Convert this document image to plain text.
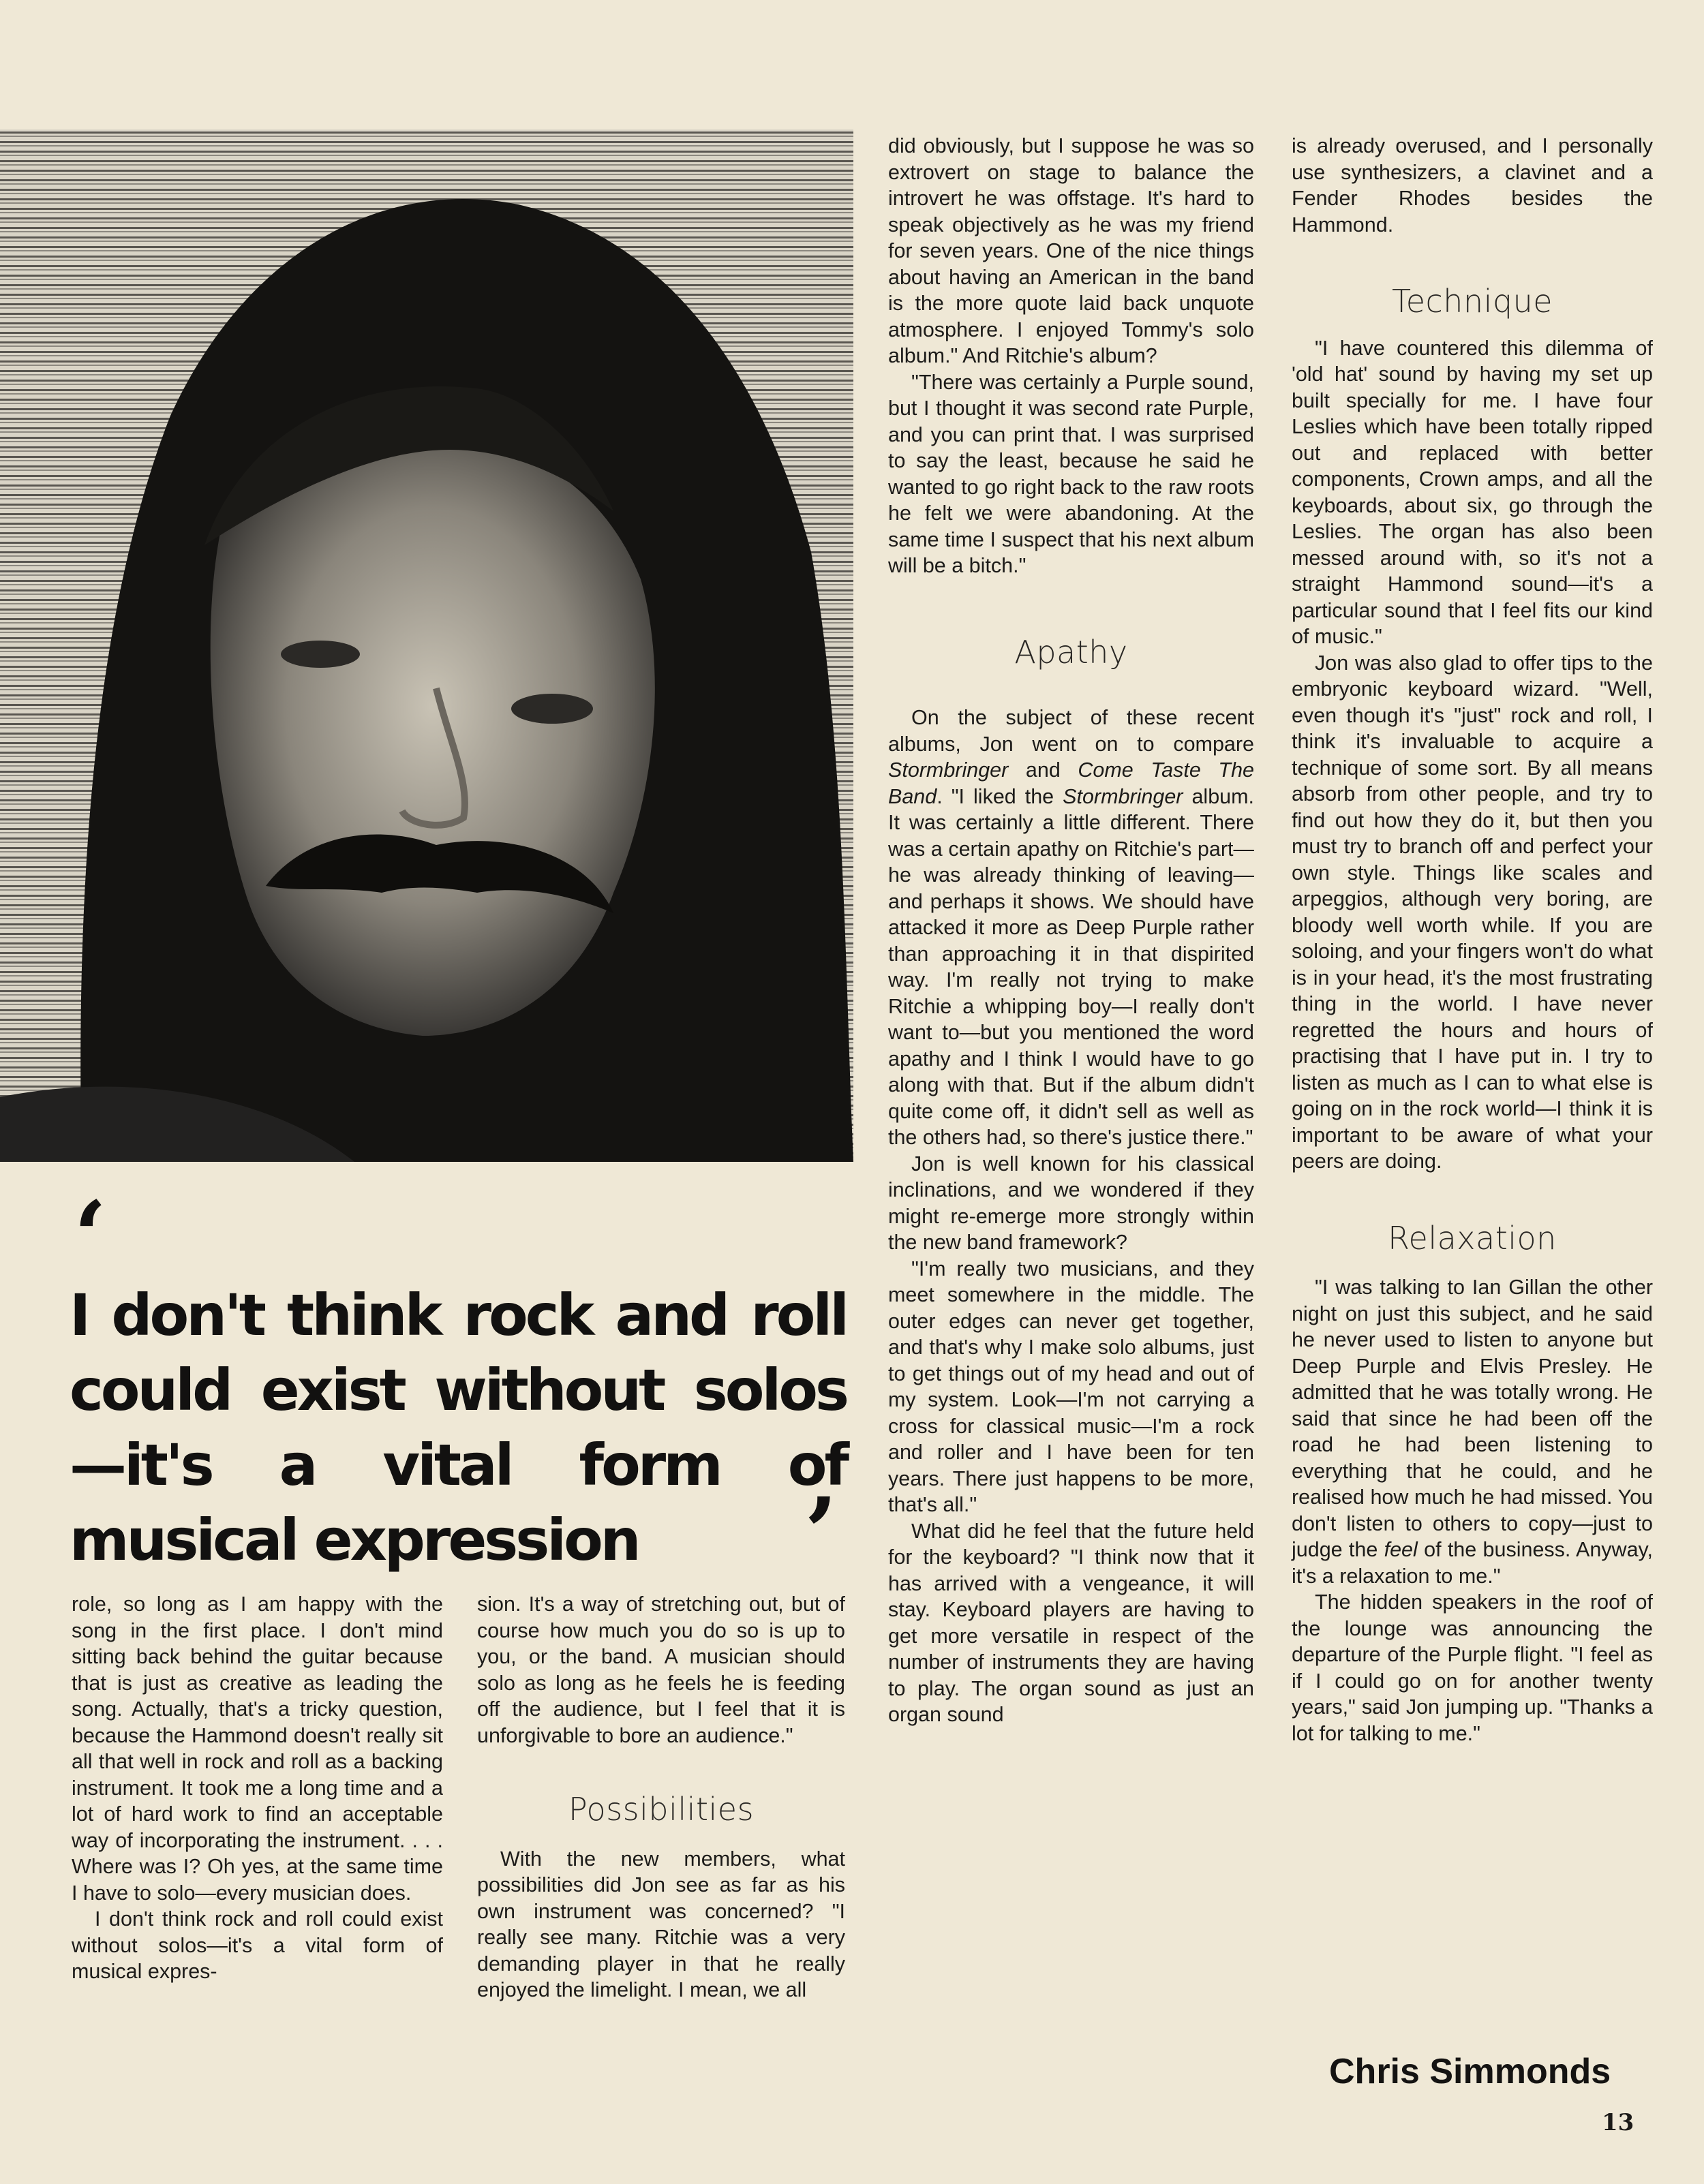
‘
I don't think rock and roll could exist without solos—it's a vital form of musical expression	’

role, so long as I am happy with the song in the first place. I don't mind sitting back behind the guitar because that is just as creative as leading the song. Actually, that's a tricky question, because the Hammond doesn't really sit all that well in rock and roll as a backing instrument. It took me a long time and a lot of hard work to find an acceptable way of incorporating the instrument. . . . Where was I? Oh yes, at the same time I have to solo—every musician does.

I don't think rock and roll could exist without solos—it's a vital form of musical expres-

sion. It's a way of stretching out, but of course how much you do so is up to you, or the band. A musician should solo as long as he feels he is feeding off the audience, but I feel that it is unforgivable to bore an audience."

Possibilities

With the new members, what possibilities did Jon see as far as his own instrument was concerned? "I really see many. Ritchie was a very demanding player in that he really enjoyed the limelight. I mean, we all

did obviously, but I suppose he was so extrovert on stage to balance the introvert he was offstage. It's hard to speak objectively as he was my friend for seven years. One of the nice things about having an American in the band is the more quote laid back unquote atmosphere. I enjoyed Tommy's solo album." And Ritchie's album?

"There was certainly a Purple sound, but I thought it was second rate Purple, and you can print that. I was surprised to say the least, because he said he wanted to go right back to the raw roots he felt we were abandoning. At the same time I suspect that his next album will be a bitch."

Apathy

On the subject of these recent albums, Jon went on to compare Stormbringer and Come Taste The Band. "I liked the Stormbringer album. It was certainly a little different. There was a certain apathy on Ritchie's part—he was already thinking of leaving—and perhaps it shows. We should have attacked it more as Deep Purple rather than approaching it in that dispirited way. I'm really not trying to make Ritchie a whipping boy—I really don't want to—but you mentioned the word apathy and I think I would have to go along with that. But if the album didn't quite come off, it didn't sell as well as the others had, so there's justice there."

Jon is well known for his classical inclinations, and we wondered if they might re-emerge more strongly within the new band framework?

"I'm really two musicians, and they meet somewhere in the middle. The outer edges can never get together, and that's why I make solo albums, just to get things out of my head and out of my system. Look—I'm not carrying a cross for classical music—I'm a rock and roller and I have been for ten years. There just happens to be more, that's all."

What did he feel that the future held for the keyboard? "I think now that it has arrived with a vengeance, it will stay. Keyboard players are having to get more versatile in respect of the number of instruments they are having to play. The organ sound as just an organ sound

is already overused, and I personally use synthesizers, a clavinet and a Fender Rhodes besides the Hammond.

Technique

"I have countered this dilemma of 'old hat' sound by having my set up built specially for me. I have four Leslies which have been totally ripped out and replaced with better components, Crown amps, and all the keyboards, about six, go through the Leslies. The organ has also been messed around with, so it's not a straight Hammond sound—it's a particular sound that I feel fits our kind of music."

Jon was also glad to offer tips to the embryonic keyboard wizard. "Well, even though it's "just" rock and roll, I think it's invaluable to acquire a technique of some sort. By all means absorb from other people, and try to find out how they do it, but then you must try to branch off and perfect your own style. Things like scales and arpeggios, although very boring, are bloody well worth while. If you are soloing, and your fingers won't do what is in your head, it's the most frustrating thing in the world. I have never regretted the hours and hours of practising that I have put in. I try to listen as much as I can to what else is going on in the rock world—I think it is important to be aware of what your peers are doing.

Relaxation

"I was talking to Ian Gillan the other night on just this subject, and he said he never used to listen to anyone but Deep Purple and Elvis Presley. He admitted that he was totally wrong. He said that since he had been off the road he had been listening to everything that he could, and he realised how much he had missed. You don't listen to others to copy—just to judge the feel of the business. Anyway, it's a relaxation to me."

The hidden speakers in the roof of the lounge was announcing the departure of the Purple flight. "I feel as if I could go on for another twenty years," said Jon jumping up. "Thanks a lot for talking to me."

Chris Simmonds
13
